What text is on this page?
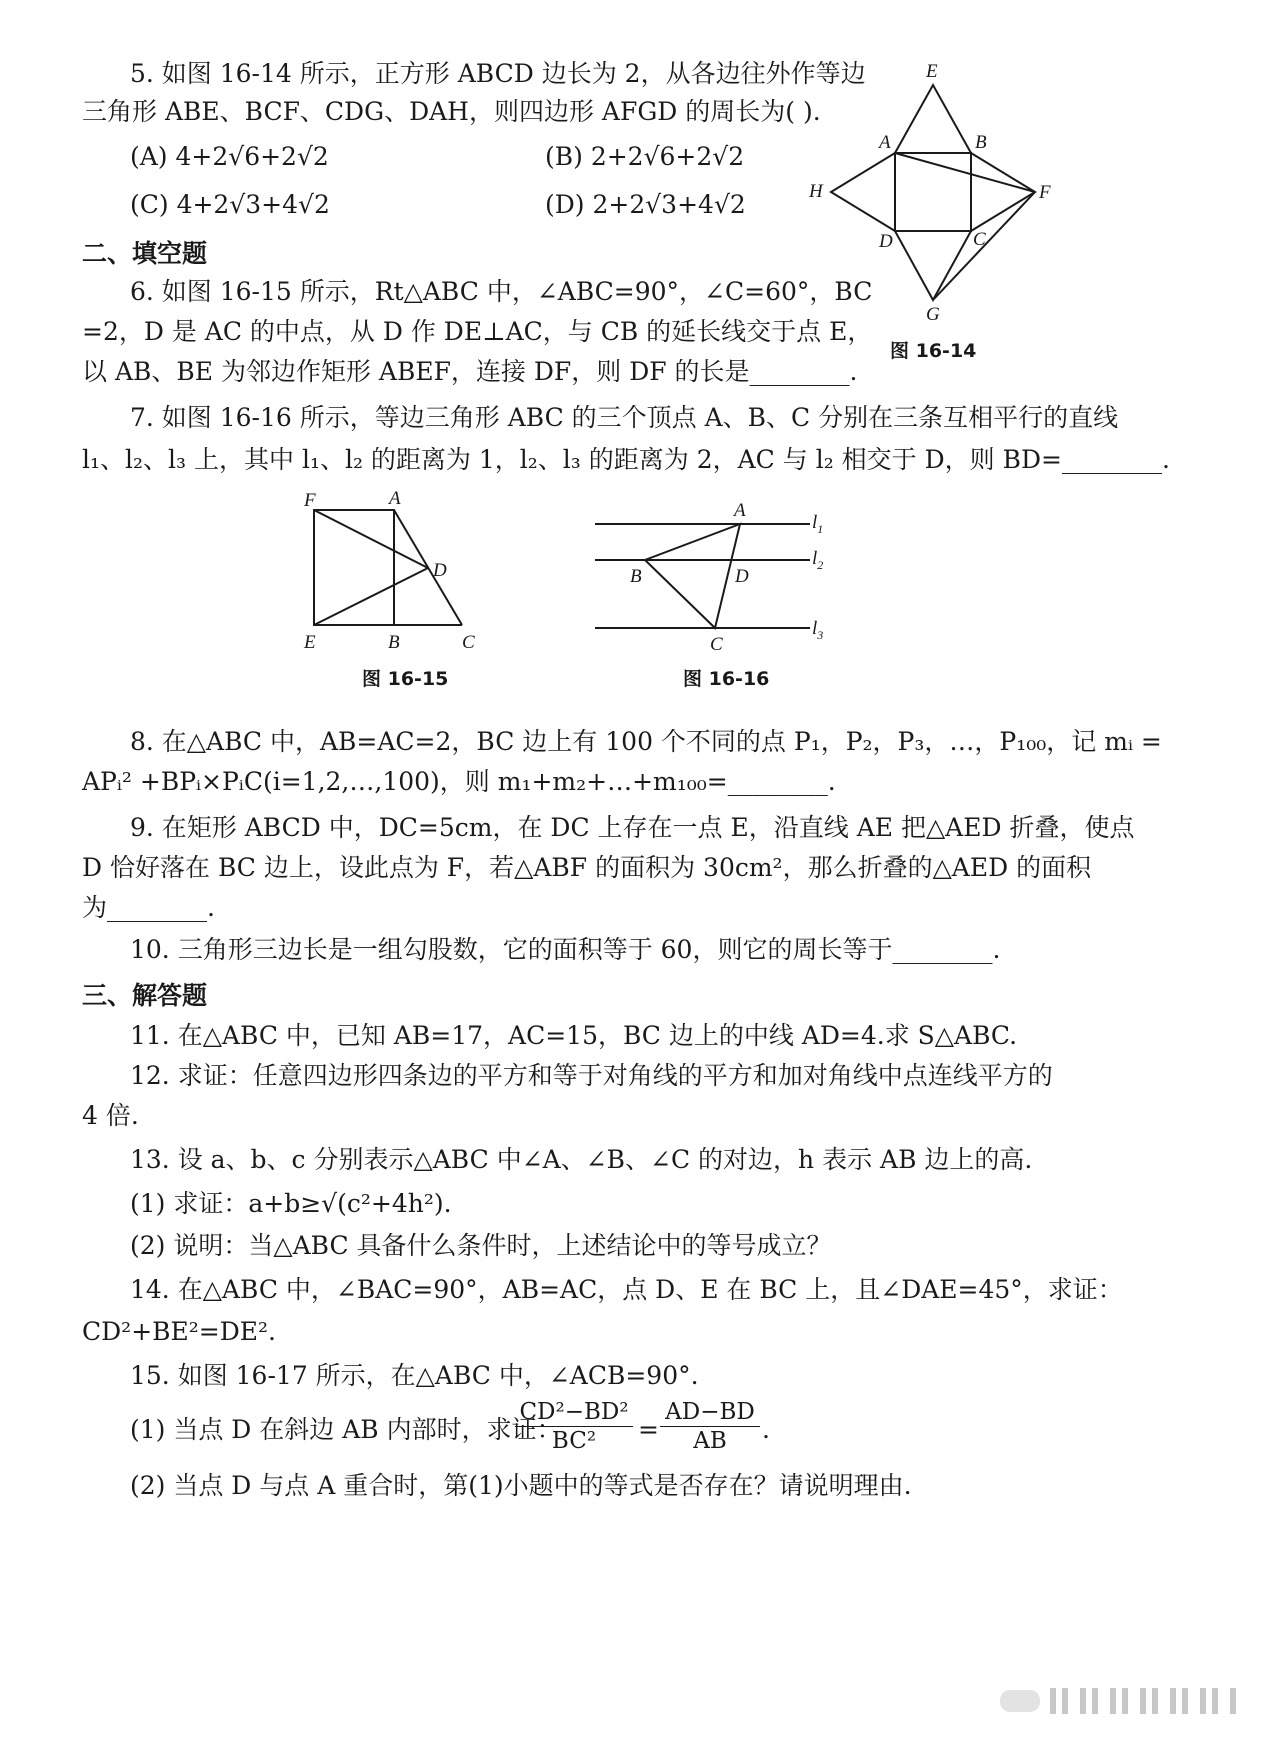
5. 如图 16-14 所示，正方形 ABCD 边长为 2，从各边往外作等边
三角形 ABE、BCF、CDG、DAH，则四边形 AFGD 的周长为( ).
(A) 4+2√6+2√2	(B) 2+2√6+2√2
(C) 4+2√3+4√2	(D) 2+2√3+4√2
E
A	B
H	F
D	C
G
图 16-14
二、填空题
6. 如图 16-15 所示，Rt△ABC 中，∠ABC=90°，∠C=60°，BC
=2，D 是 AC 的中点，从 D 作 DE⊥AC，与 CB 的延长线交于点 E，
以 AB、BE 为邻边作矩形 ABEF，连接 DF，则 DF 的长是________.
7. 如图 16-16 所示，等边三角形 ABC 的三个顶点 A、B、C 分别在三条互相平行的直线
l₁、l₂、l₃ 上，其中 l₁、l₂ 的距离为 1，l₂、l₃ 的距离为 2，AC 与 l₂ 相交于 D，则 BD=________.
F	A
D
E	B	C
图 16-15
A
B	D
C
$l_1$
$l_2$
$l_3$
图 16-16
8. 在△ABC 中，AB=AC=2，BC 边上有 100 个不同的点 P₁，P₂，P₃，…，P₁₀₀，记 mᵢ =
APᵢ² +BPᵢ×PᵢC(i=1,2,…,100)，则 m₁+m₂+…+m₁₀₀=________.
9. 在矩形 ABCD 中，DC=5cm，在 DC 上存在一点 E，沿直线 AE 把△AED 折叠，使点
D 恰好落在 BC 边上，设此点为 F，若△ABF 的面积为 30cm²，那么折叠的△AED 的面积
为________.
10. 三角形三边长是一组勾股数，它的面积等于 60，则它的周长等于________.
三、解答题
11. 在△ABC 中，已知 AB=17，AC=15，BC 边上的中线 AD=4.求 S△ABC.
12. 求证：任意四边形四条边的平方和等于对角线的平方和加对角线中点连线平方的
4 倍.
13. 设 a、b、c 分别表示△ABC 中∠A、∠B、∠C 的对边，h 表示 AB 边上的高.
(1) 求证：a+b≥√(c²+4h²).
(2) 说明：当△ABC 具备什么条件时，上述结论中的等号成立？
14. 在△ABC 中，∠BAC=90°，AB=AC，点 D、E 在 BC 上，且∠DAE=45°，求证：
CD²+BE²=DE².
15. 如图 16-17 所示，在△ABC 中，∠ACB=90°.
(1) 当点 D 在斜边 AB 内部时，求证：
$\frac{\text{CD²−BD²}}{\text{BC²}} = \frac{AD-BD}{AB}$ .
(2) 当点 D 与点 A 重合时，第(1)小题中的等式是否存在？请说明理由.
